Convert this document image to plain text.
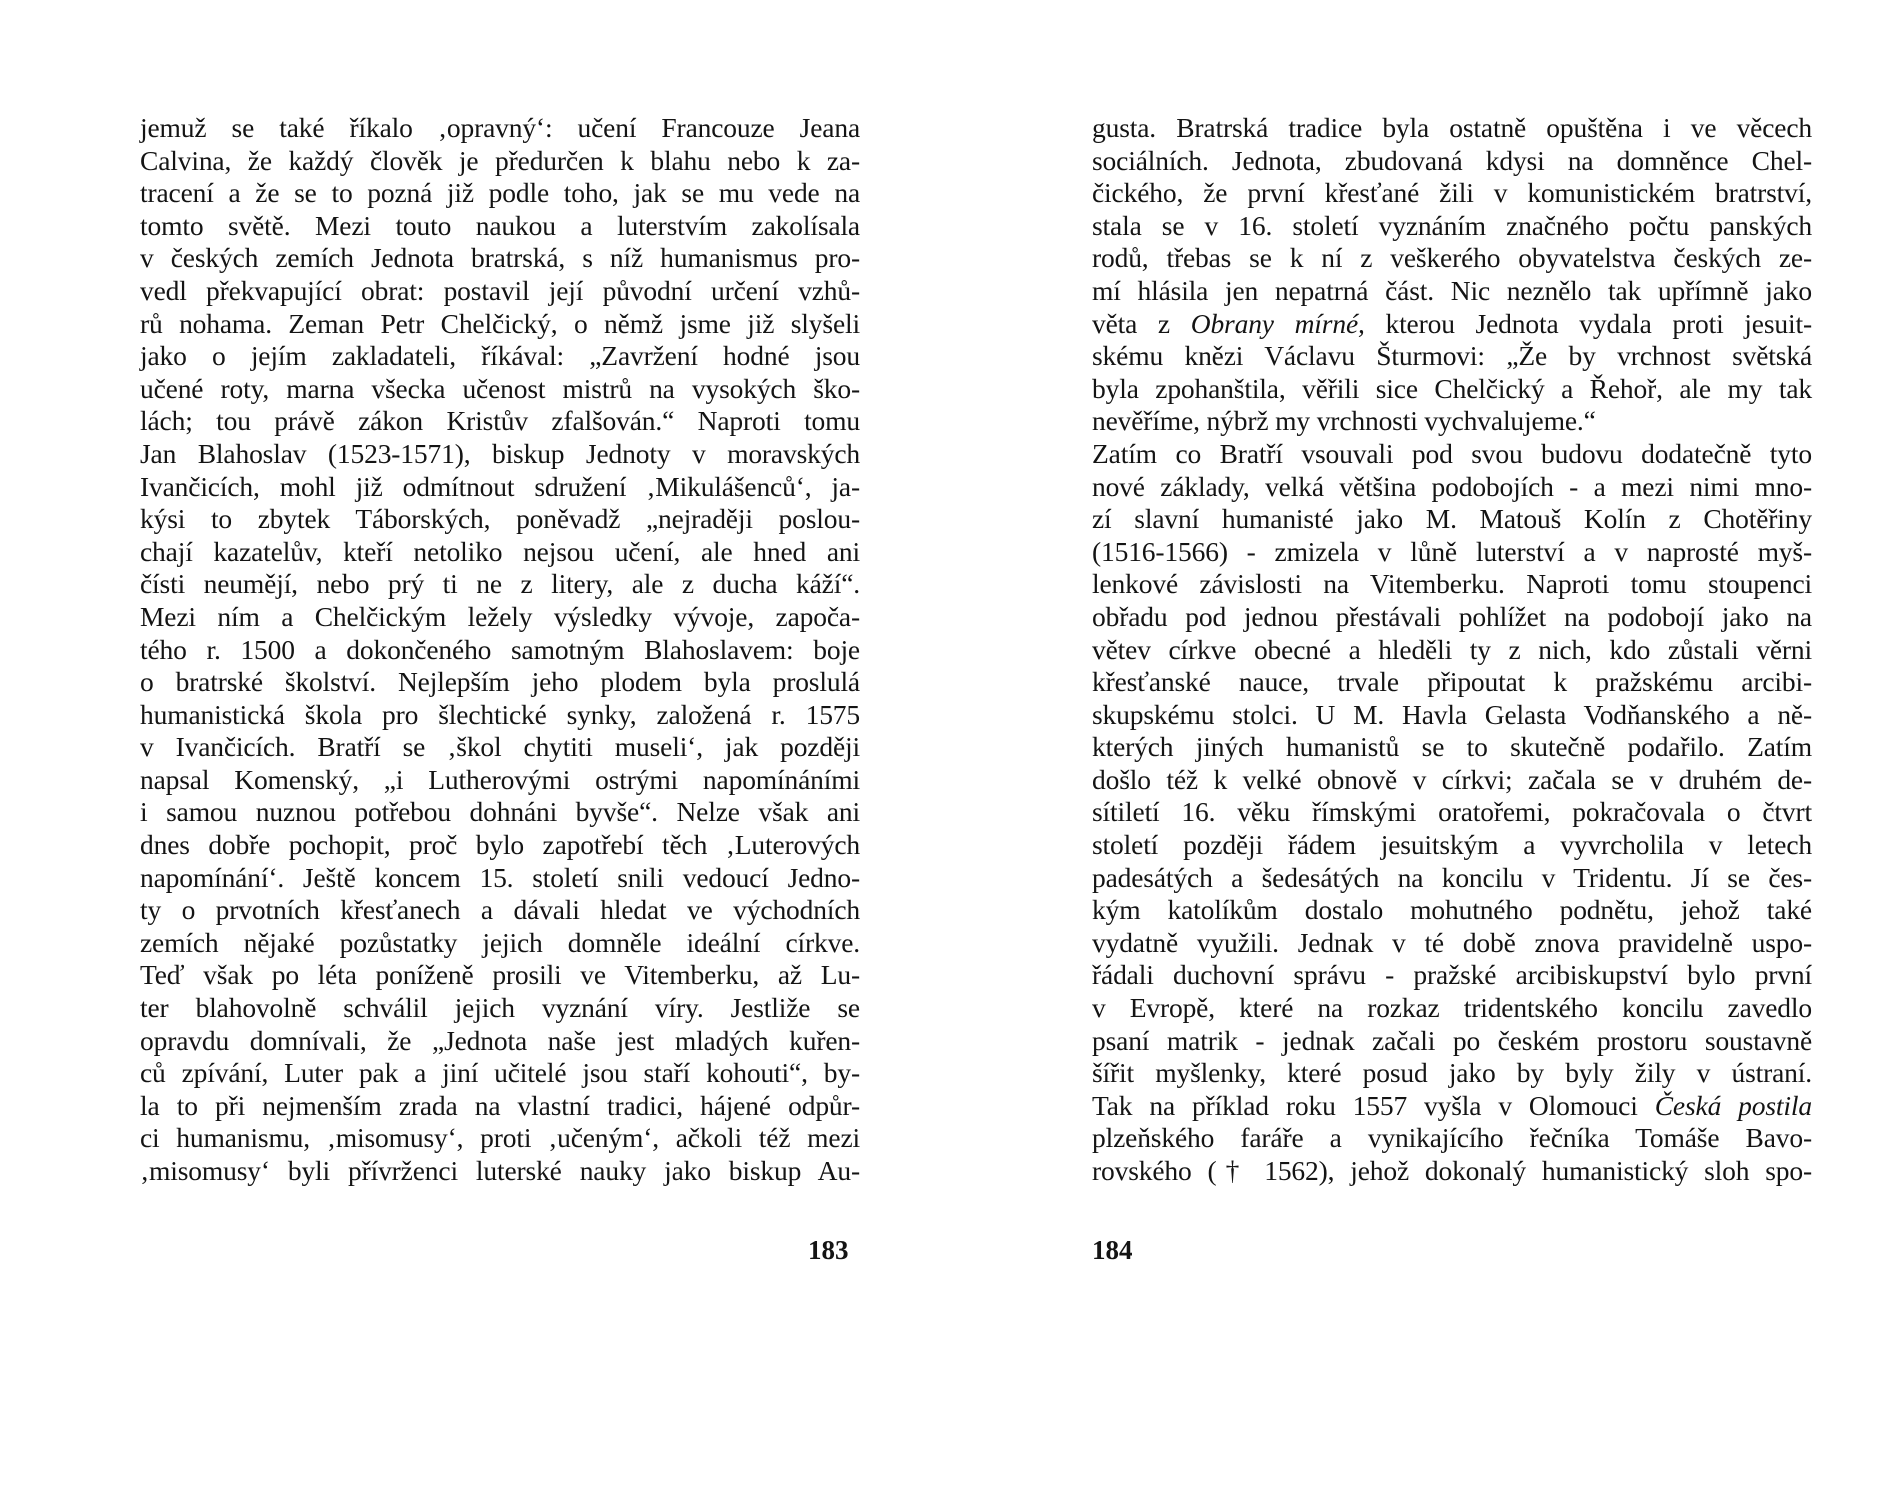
jemuž se také říkalo ‚opravný‘: učení Francouze Jeana
Calvina, že každý člověk je předurčen k blahu nebo k za-
tracení a že se to pozná již podle toho, jak se mu vede na
tomto světě. Mezi touto naukou a luterstvím zakolísala
v českých zemích Jednota bratrská, s níž humanismus pro-
vedl překvapující obrat: postavil její původní určení vzhů-
rů nohama. Zeman Petr Chelčický, o němž jsme již slyšeli
jako o jejím zakladateli, říkával: „Zavržení hodné jsou
učené roty, marna všecka učenost mistrů na vysokých ško-
lách; tou právě zákon Kristův zfalšován.“ Naproti tomu
Jan Blahoslav (1523-1571), biskup Jednoty v moravských
Ivančicích, mohl již odmítnout sdružení ‚Mikulášenců‘, ja-
kýsi to zbytek Táborských, poněvadž „nejraději poslou-
chají kazatelův, kteří netoliko nejsou učení, ale hned ani
čísti neumějí, nebo prý ti ne z litery, ale z ducha káží“.
Mezi ním a Chelčickým ležely výsledky vývoje, započa-
tého r. 1500 a dokončeného samotným Blahoslavem: boje
o bratrské školství. Nejlepším jeho plodem byla proslulá
humanistická škola pro šlechtické synky, založená r. 1575
v Ivančicích. Bratří se ‚škol chytiti museli‘, jak později
napsal Komenský, „i Lutherovými ostrými napomínáními
i samou nuznou potřebou dohnáni byvše“. Nelze však ani
dnes dobře pochopit, proč bylo zapotřebí těch ‚Luterových
napomínání‘. Ještě koncem 15. století snili vedoucí Jedno-
ty o prvotních křesťanech a dávali hledat ve východních
zemích nějaké pozůstatky jejich domněle ideální církve.
Teď však po léta poníženě prosili ve Vitemberku, až Lu-
ter blahovolně schválil jejich vyznání víry. Jestliže se
opravdu domnívali, že „Jednota naše jest mladých kuřen-
ců zpívání, Luter pak a jiní učitelé jsou staří kohouti“, by-
la to při nejmenším zrada na vlastní tradici, hájené odpůr-
ci humanismu, ‚misomusy‘, proti ‚učeným‘, ačkoli též mezi
‚misomusy‘ byli přívrženci luterské nauky jako biskup Au-
183
gusta. Bratrská tradice byla ostatně opuštěna i ve věcech
sociálních. Jednota, zbudovaná kdysi na domněnce Chel-
čického, že první křesťané žili v komunistickém bratrství,
stala se v 16. století vyznáním značného počtu panských
rodů, třebas se k ní z veškerého obyvatelstva českých ze-
mí hlásila jen nepatrná část. Nic neznělo tak upřímně jako
věta z Obrany mírné, kterou Jednota vydala proti jesuit-
skému knězi Václavu Šturmovi: „Že by vrchnost světská
byla zpohanštila, věřili sice Chelčický a Řehoř, ale my tak
nevěříme, nýbrž my vrchnosti vychvalujeme.“
Zatím co Bratří vsouvali pod svou budovu dodatečně tyto
nové základy, velká většina podobojích - a mezi nimi mno-
zí slavní humanisté jako M. Matouš Kolín z Chotěřiny
(1516-1566) - zmizela v lůně luterství a v naprosté myš-
lenkové závislosti na Vitemberku. Naproti tomu stoupenci
obřadu pod jednou přestávali pohlížet na podobojí jako na
větev církve obecné a hleděli ty z nich, kdo zůstali věrni
křesťanské nauce, trvale připoutat k pražskému arcibi-
skupskému stolci. U M. Havla Gelasta Vodňanského a ně-
kterých jiných humanistů se to skutečně podařilo. Zatím
došlo též k velké obnově v církvi; začala se v druhém de-
sítiletí 16. věku římskými oratořemi, pokračovala o čtvrt
století později řádem jesuitským a vyvrcholila v letech
padesátých a šedesátých na koncilu v Tridentu. Jí se čes-
kým katolíkům dostalo mohutného podnětu, jehož také
vydatně využili. Jednak v té době znova pravidelně uspo-
řádali duchovní správu - pražské arcibiskupství bylo první
v Evropě, které na rozkaz tridentského koncilu zavedlo
psaní matrik - jednak začali po českém prostoru soustavně
šířit myšlenky, které posud jako by byly žily v ústraní.
Tak na příklad roku 1557 vyšla v Olomouci Česká postila
plzeňského faráře a vynikajícího řečníka Tomáše Bavo-
rovského († 1562), jehož dokonalý humanistický sloh spo-
184
